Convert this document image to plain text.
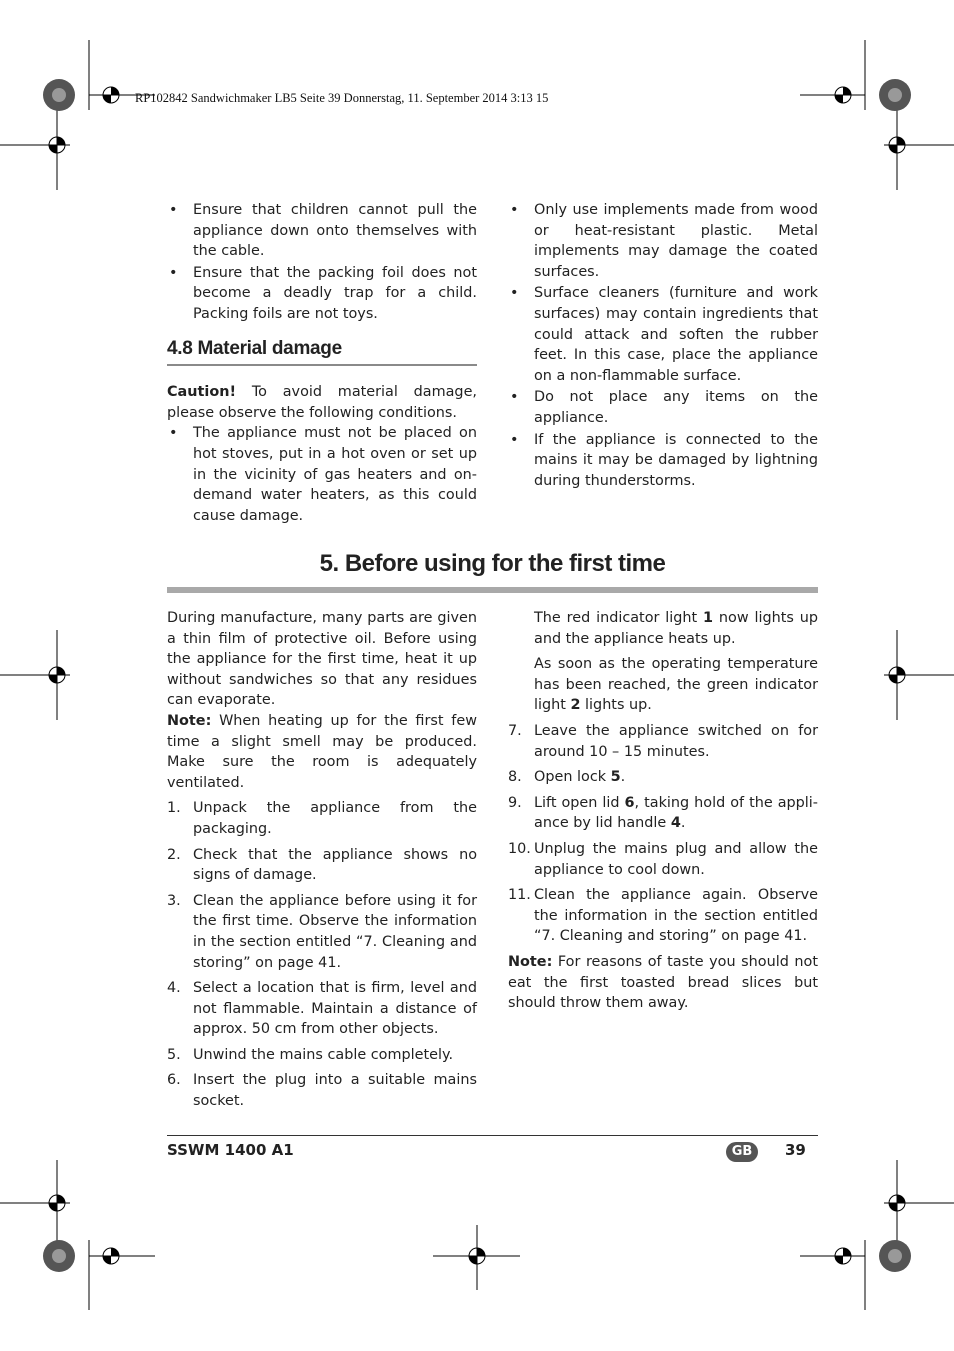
RP102842 Sandwichmaker LB5 Seite 39 Donnerstag, 11. September 2014 3:13 15
• Ensure that children cannot pull the appliance down onto themselves with the cable.
• Ensure that the packing foil does not become a deadly trap for a child. Packing foils are not toys.
4.8 Material damage

Caution! To avoid material damage, please observe the following conditions.

• The appliance must not be placed on hot stoves, put in a hot oven or set up in the vicinity of gas heaters and on-demand water heaters, as this could cause damage.
• Only use implements made from wood or heat-resistant plastic. Metal implements may damage the coated surfaces.
• Surface cleaners (furniture and work surfaces) may contain ingredients that could attack and soften the rubber feet. In this case, place the appliance on a non-flammable surface.
• Do not place any items on the appliance.
• If the appliance is connected to the mains it may be damaged by lightning during thunderstorms.
5. Before using for the first time

During manufacture, many parts are given a thin film of protective oil. Before using the appliance for the first time, heat it up without sandwiches so that any residues can evaporate.

Note: When heating up for the first few time a slight smell may be produced. Make sure the room is adequately ventilated.

1. Unpack the appliance from the packaging.
2. Check that the appliance shows no signs of damage.
3. Clean the appliance before using it for the first time. Observe the information in the section entitled “7. Cleaning and storing” on page 41.
4. Select a location that is firm, level and not flammable. Maintain a distance of approx. 50 cm from other objects.
5. Unwind the mains cable completely.
6. Insert the plug into a suitable mains socket.

The red indicator light 1 now lights up and the appliance heats up.

As soon as the operating temperature has been reached, the green indicator light 2 lights up.

7. Leave the appliance switched on for around 10 – 15 minutes.
8. Open lock 5.
9. Lift open lid 6, taking hold of the appli-ance by lid handle 4.
10. Unplug the mains plug and allow the appliance to cool down.
11. Clean the appliance again. Observe the information in the section entitled “7. Cleaning and storing” on page 41.

Note: For reasons of taste you should not eat the first toasted bread slices but should throw them away.

SSWM 1400 A1	GB	39
